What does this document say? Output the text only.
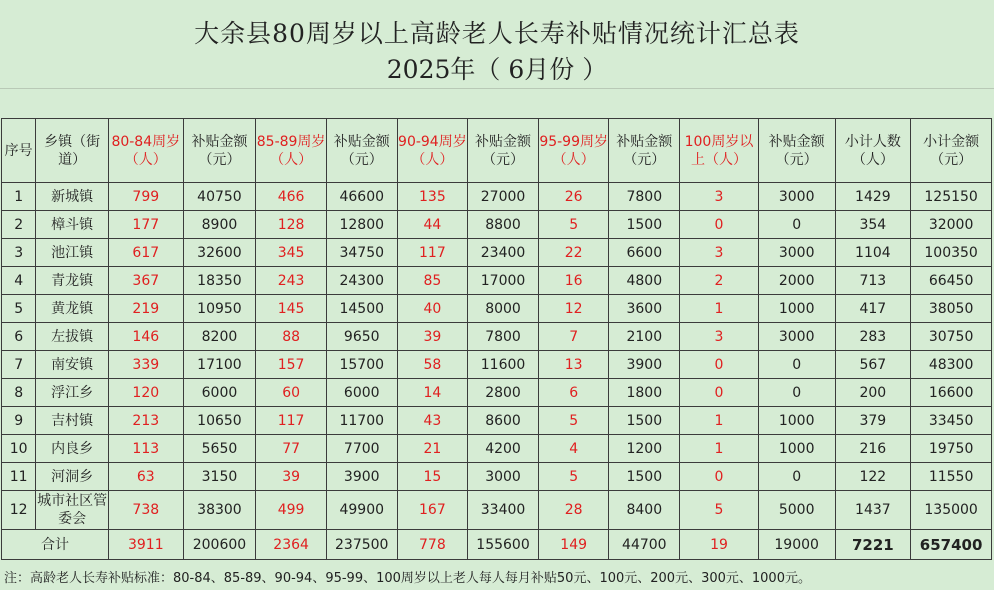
大余县80周岁以上高龄老人长寿补贴情况统计汇总表
2025年（ 6月份 ）
序号	乡镇（街道）	80-84周岁（人）	补贴金额（元）	85-89周岁（人）	补贴金额（元）	90-94周岁（人）	补贴金额（元）	95-99周岁（人）	补贴金额（元）	100周岁以上（人）	补贴金额（元）	小计人数（人）	小计金额（元）
1	新城镇	799	40750	466	46600	135	27000	26	7800	3	3000	1429	125150
2	樟斗镇	177	8900	128	12800	44	8800	5	1500	0	0	354	32000
3	池江镇	617	32600	345	34750	117	23400	22	6600	3	3000	1104	100350
4	青龙镇	367	18350	243	24300	85	17000	16	4800	2	2000	713	66450
5	黄龙镇	219	10950	145	14500	40	8000	12	3600	1	1000	417	38050
6	左拔镇	146	8200	88	9650	39	7800	7	2100	3	3000	283	30750
7	南安镇	339	17100	157	15700	58	11600	13	3900	0	0	567	48300
8	浮江乡	120	6000	60	6000	14	2800	6	1800	0	0	200	16600
9	吉村镇	213	10650	117	11700	43	8600	5	1500	1	1000	379	33450
10	内良乡	113	5650	77	7700	21	4200	4	1200	1	1000	216	19750
11	河洞乡	63	3150	39	3900	15	3000	5	1500	0	0	122	11550
12	城市社区管委会	738	38300	499	49900	167	33400	28	8400	5	5000	1437	135000
合计		3911	200600	2364	237500	778	155600	149	44700	19	19000	7221	657400
注：高龄老人长寿补贴标准：80-84、85-89、90-94、95-99、100周岁以上老人每人每月补贴50元、100元、200元、300元、1000元。
